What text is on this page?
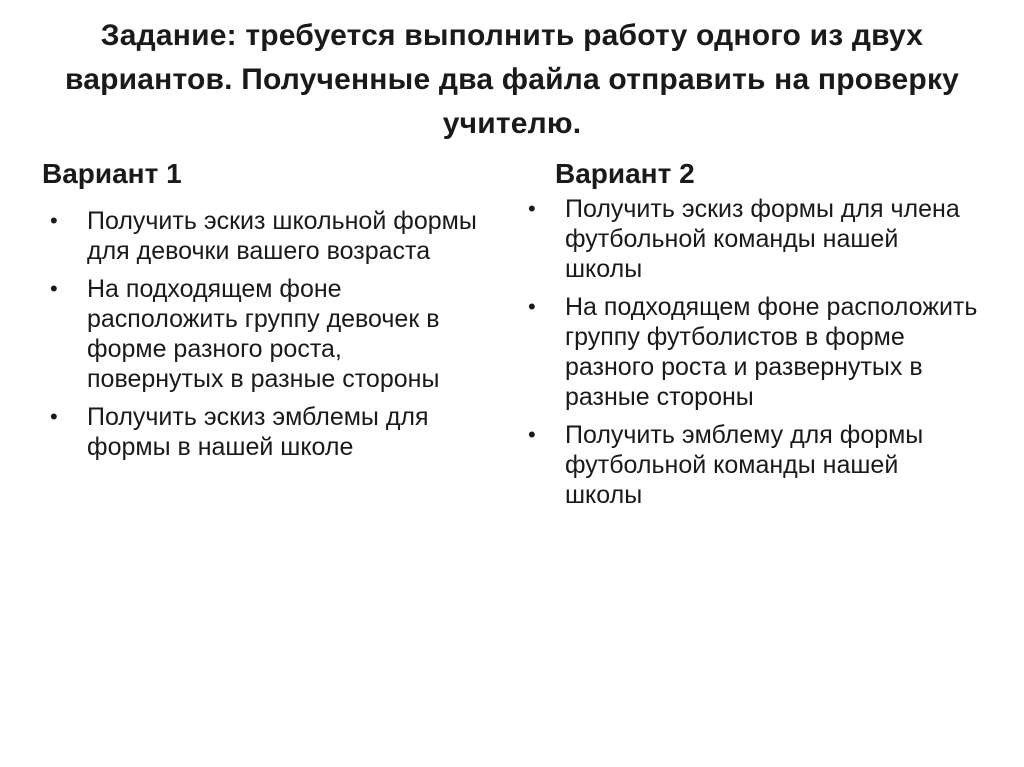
Задание: требуется выполнить работу одного из двух вариантов. Полученные два файла отправить на проверку учителю.
Вариант 1
• Получить эскиз школьной формы для девочки вашего возраста
• На подходящем фоне расположить группу девочек в форме разного роста, повернутых в разные стороны
• Получить эскиз эмблемы для формы в нашей школе
Вариант 2
• Получить эскиз формы для члена футбольной команды нашей школы
• На подходящем фоне расположить группу футболистов в форме разного роста и развернутых в разные стороны
• Получить эмблему для формы футбольной команды нашей школы
